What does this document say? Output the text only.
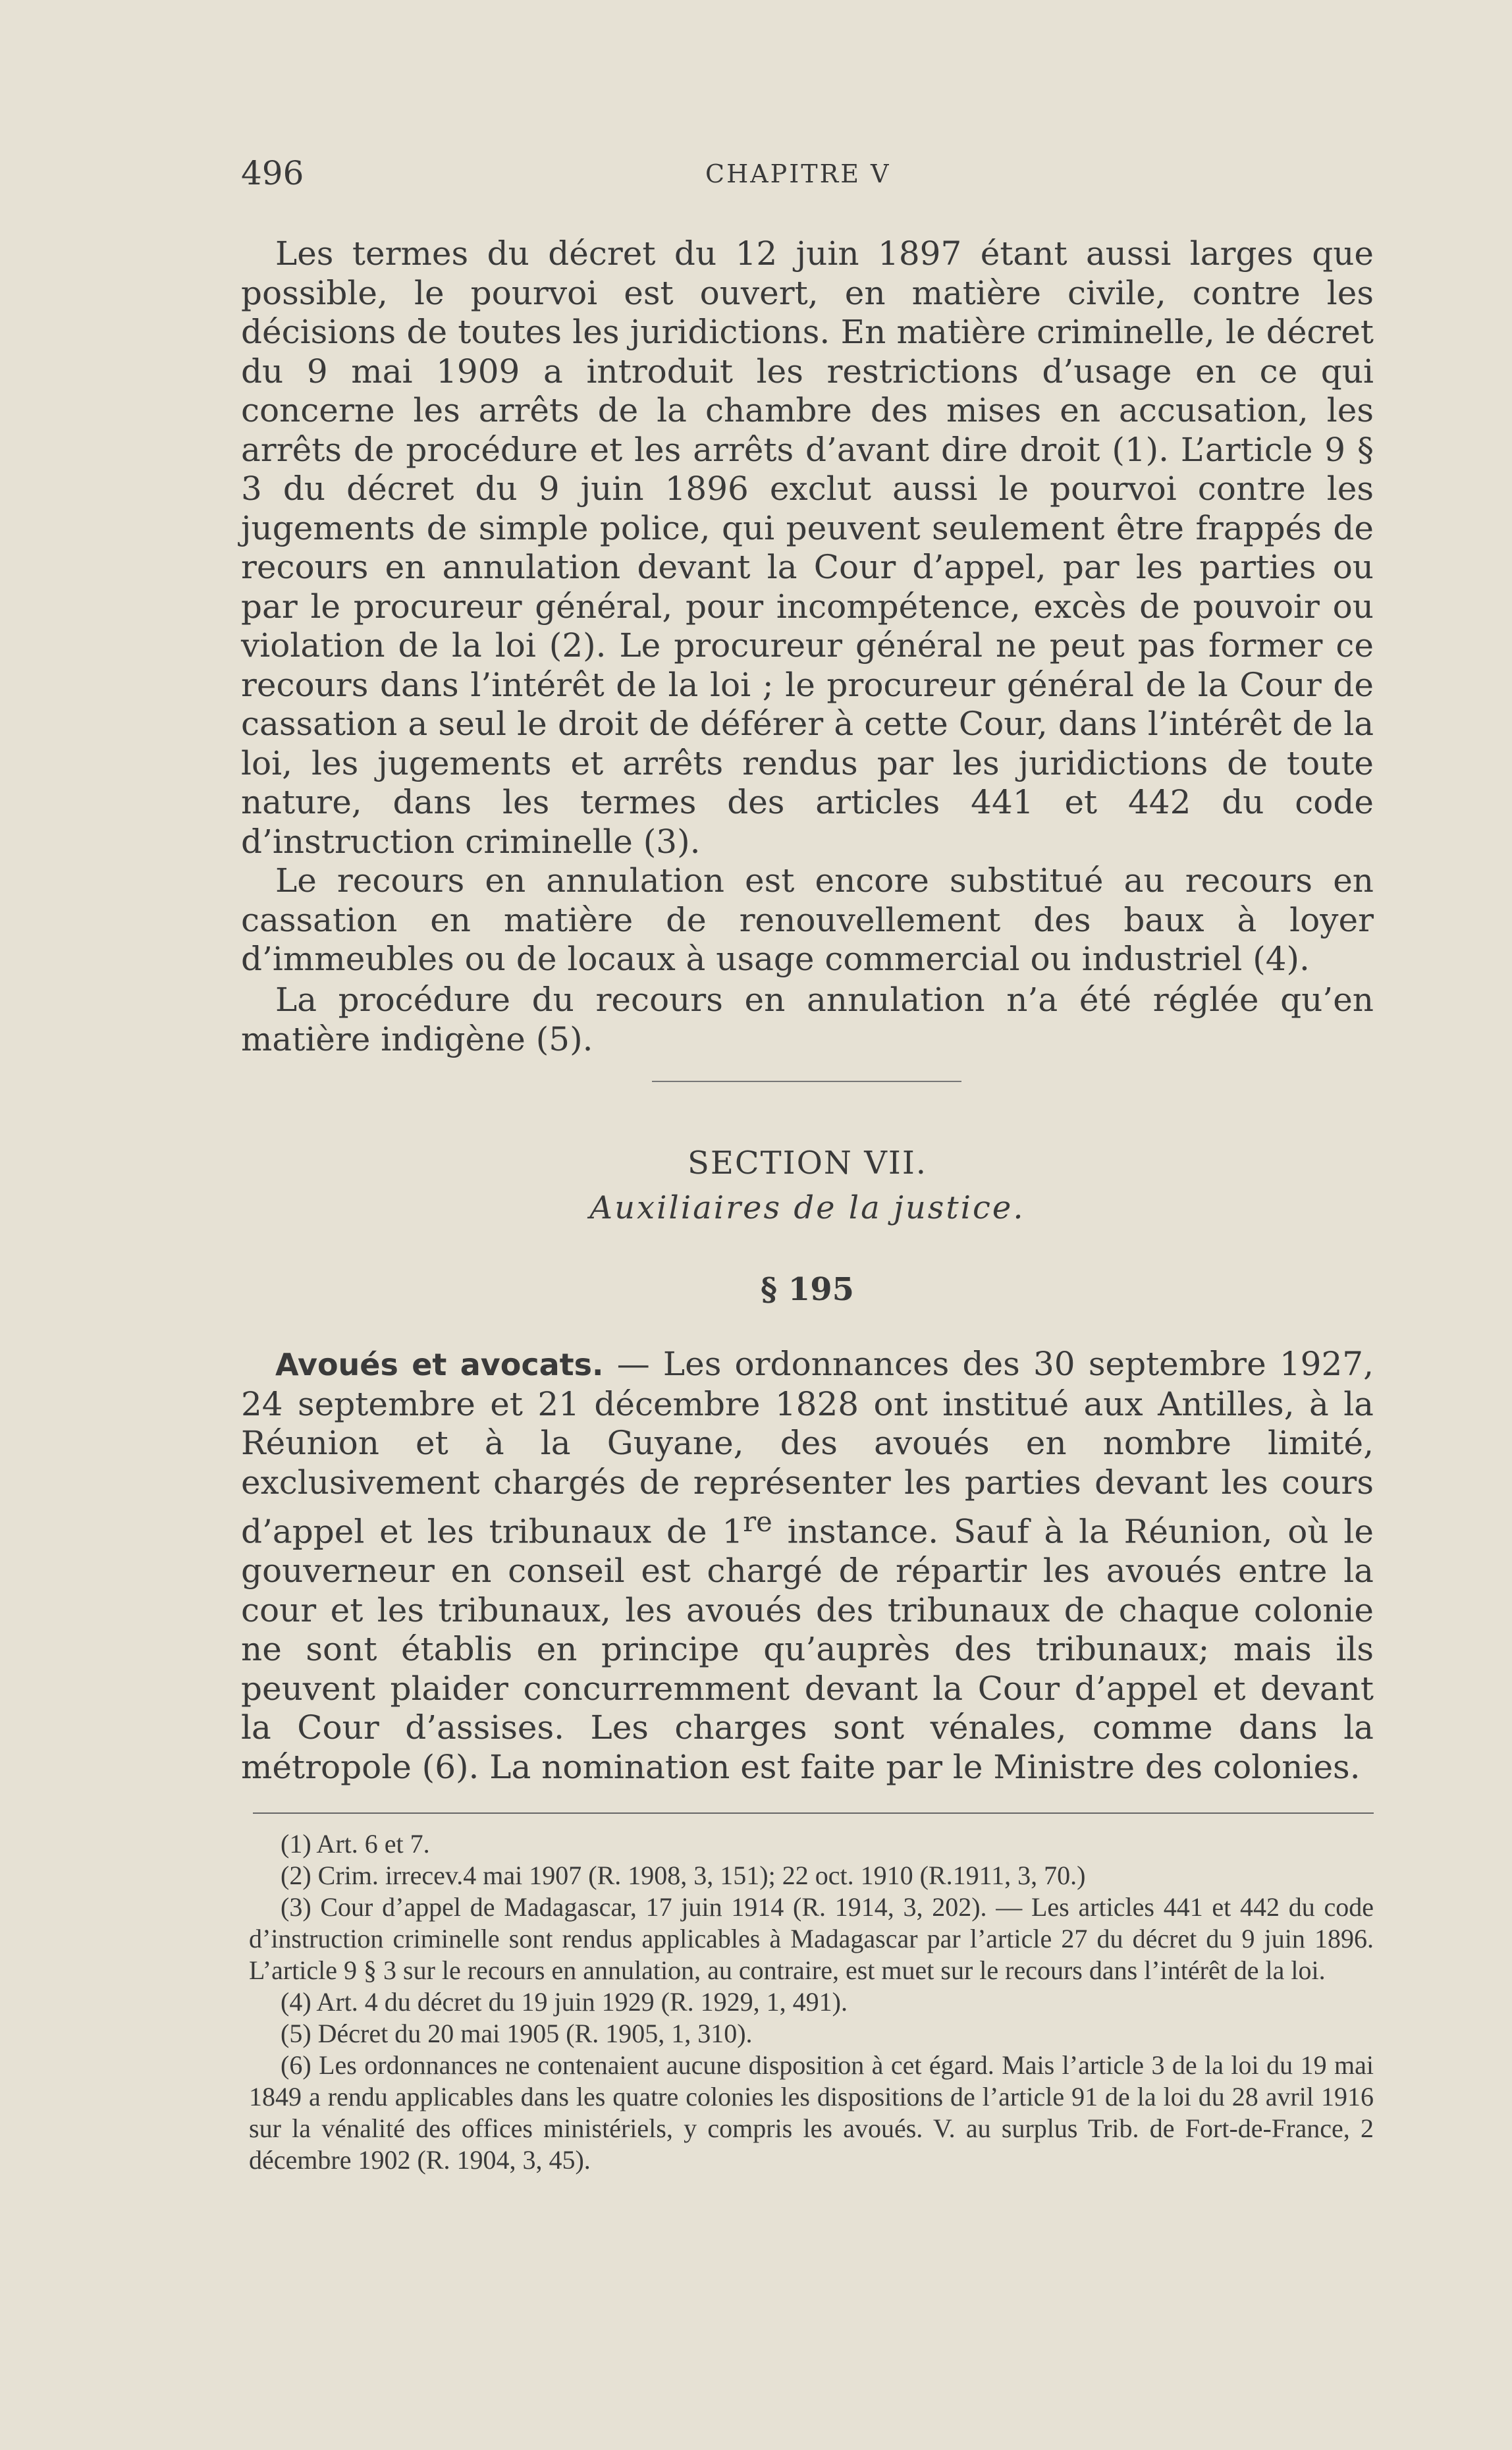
496	CHAPITRE V

Les termes du décret du 12 juin 1897 étant aussi larges que possible, le pourvoi est ouvert, en matière civile, contre les décisions de toutes les juridictions. En matière criminelle, le décret du 9 mai 1909 a introduit les restrictions d’usage en ce qui concerne les arrêts de la chambre des mises en accusation, les arrêts de procédure et les arrêts d’avant dire droit (1). L’article 9 § 3 du décret du 9 juin 1896 exclut aussi le pourvoi contre les jugements de simple police, qui peuvent seulement être frappés de recours en annulation devant la Cour d’appel, par les parties ou par le procureur général, pour incompétence, excès de pouvoir ou violation de la loi (2). Le procureur général ne peut pas former ce recours dans l’intérêt de la loi ; le procureur général de la Cour de cassation a seul le droit de déférer à cette Cour, dans l’intérêt de la loi, les jugements et arrêts rendus par les juridictions de toute nature, dans les termes des articles 441 et 442 du code d’instruction criminelle (3).

Le recours en annulation est encore substitué au recours en cassation en matière de renouvellement des baux à loyer d’immeubles ou de locaux à usage commercial ou industriel (4).

La procédure du recours en annulation n’a été réglée qu’en matière indigène (5).

SECTION VII.
Auxiliaires de la justice.
§ 195

Avoués et avocats. — Les ordonnances des 30 septembre 1927, 24 septembre et 21 décembre 1828 ont institué aux Antilles, à la Réunion et à la Guyane, des avoués en nombre limité, exclusivement chargés de représenter les parties devant les cours d’appel et les tribunaux de 1re instance. Sauf à la Réunion, où le gouverneur en conseil est chargé de répartir les avoués entre la cour et les tribunaux, les avoués des tribunaux de chaque colonie ne sont établis en principe qu’auprès des tribunaux; mais ils peuvent plaider concurremment devant la Cour d’appel et devant la Cour d’assises. Les charges sont vénales, comme dans la métropole (6). La nomination est faite par le Ministre des colonies.

(1) Art. 6 et 7.

(2) Crim. irrecev.4 mai 1907 (R. 1908, 3, 151); 22 oct. 1910 (R.1911, 3, 70.)

(3) Cour d’appel de Madagascar, 17 juin 1914 (R. 1914, 3, 202). — Les articles 441 et 442 du code d’instruction criminelle sont rendus applicables à Madagascar par l’article 27 du décret du 9 juin 1896. L’article 9 § 3 sur le recours en annulation, au contraire, est muet sur le recours dans l’intérêt de la loi.

(4) Art. 4 du décret du 19 juin 1929 (R. 1929, 1, 491).

(5) Décret du 20 mai 1905 (R. 1905, 1, 310).

(6) Les ordonnances ne contenaient aucune disposition à cet égard. Mais l’article 3 de la loi du 19 mai 1849 a rendu applicables dans les quatre colonies les dispositions de l’article 91 de la loi du 28 avril 1916 sur la vénalité des offices ministériels, y compris les avoués. V. au surplus Trib. de Fort-de-France, 2 décembre 1902 (R. 1904, 3, 45).
